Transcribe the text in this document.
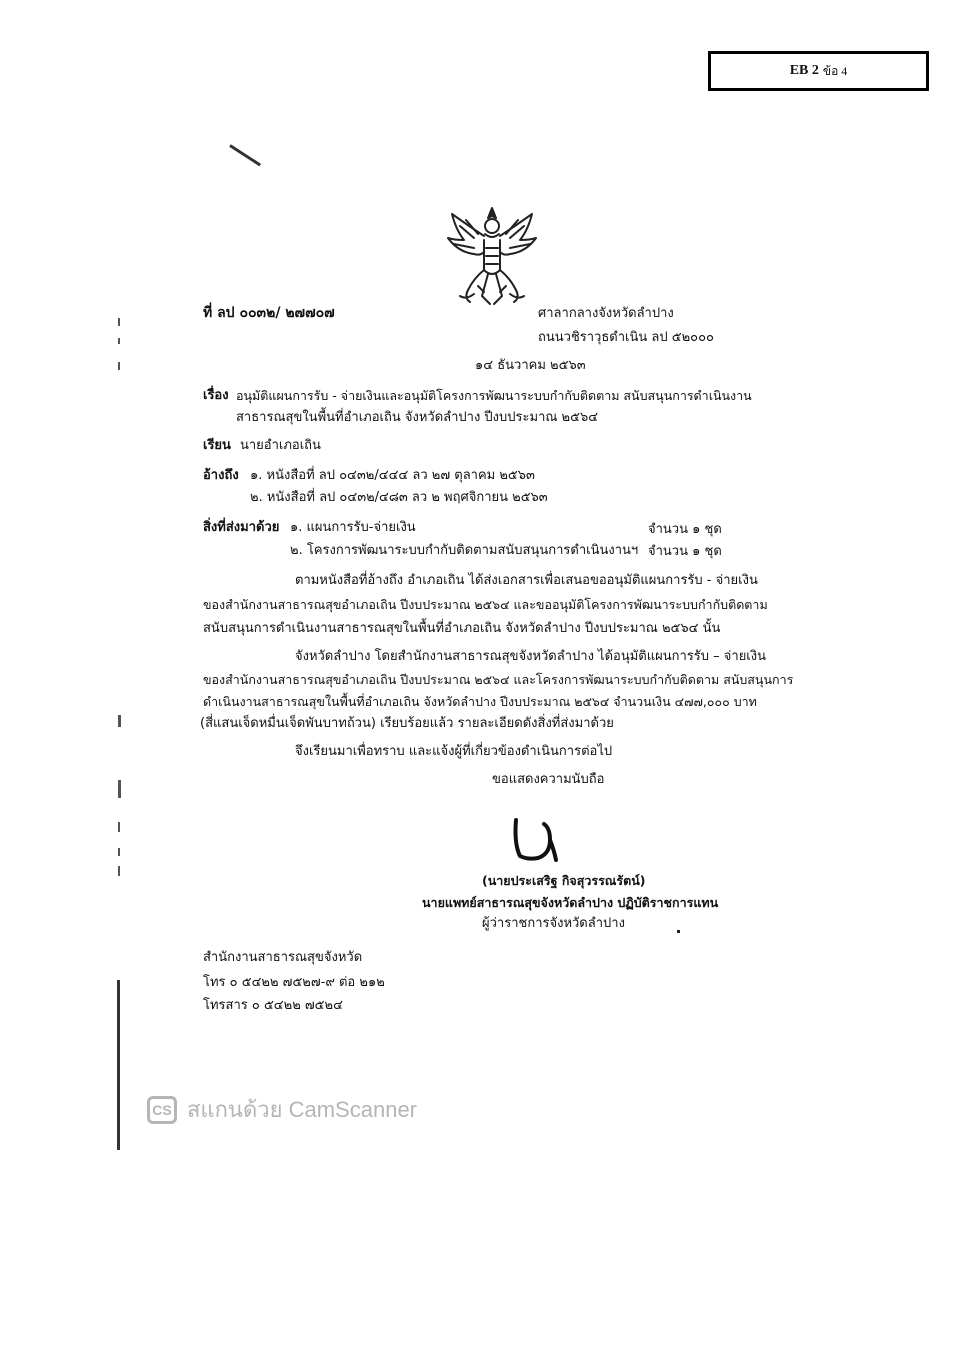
EB 2 ข้อ 4
ที่ ลป ๐๐๓๒/ ๒๗๗๐๗	ศาลากลางจังหวัดลำปาง
ถนนวชิราวุธดำเนิน ลป ๕๒๐๐๐
๑๔ ธันวาคม ๒๕๖๓
เรื่อง อนุมัติแผนการรับ - จ่ายเงินและอนุมัติโครงการพัฒนาระบบกำกับติดตาม สนับสนุนการดำเนินงาน
สาธารณสุขในพื้นที่อำเภอเถิน จังหวัดลำปาง ปีงบประมาณ ๒๕๖๔
เรียน นายอำเภอเถิน
อ้างถึง ๑. หนังสือที่ ลป ๐๔๓๒/๔๔๔ ลว ๒๗ ตุลาคม ๒๕๖๓
๒. หนังสือที่ ลป ๐๔๓๒/๔๘๓ ลว ๒ พฤศจิกายน ๒๕๖๓
สิ่งที่ส่งมาด้วย ๑. แผนการรับ-จ่ายเงิน	จำนวน ๑ ชุด
๒. โครงการพัฒนาระบบกำกับติดตามสนับสนุนการดำเนินงานฯ จำนวน ๑ ชุด
ตามหนังสือที่อ้างถึง อำเภอเถิน ได้ส่งเอกสารเพื่อเสนอขออนุมัติแผนการรับ - จ่ายเงิน
ของสำนักงานสาธารณสุขอำเภอเถิน ปีงบประมาณ ๒๕๖๔ และขออนุมัติโครงการพัฒนาระบบกำกับติดตาม
สนับสนุนการดำเนินงานสาธารณสุขในพื้นที่อำเภอเถิน จังหวัดลำปาง ปีงบประมาณ ๒๕๖๔ นั้น
จังหวัดลำปาง โดยสำนักงานสาธารณสุขจังหวัดลำปาง ได้อนุมัติแผนการรับ – จ่ายเงิน
ของสำนักงานสาธารณสุขอำเภอเถิน ปีงบประมาณ ๒๕๖๔ และโครงการพัฒนาระบบกำกับติดตาม สนับสนุนการ
ดำเนินงานสาธารณสุขในพื้นที่อำเภอเถิน จังหวัดลำปาง ปีงบประมาณ ๒๕๖๔ จำนวนเงิน ๔๗๗,๐๐๐ บาท
(สี่แสนเจ็ดหมื่นเจ็ดพันบาทถ้วน) เรียบร้อยแล้ว รายละเอียดดังสิ่งที่ส่งมาด้วย
จึงเรียนมาเพื่อทราบ และแจ้งผู้ที่เกี่ยวข้องดำเนินการต่อไป
ขอแสดงความนับถือ
(นายประเสริฐ กิจสุวรรณรัตน์)
นายแพทย์สาธารณสุขจังหวัดลำปาง ปฏิบัติราชการแทน
ผู้ว่าราชการจังหวัดลำปาง
สำนักงานสาธารณสุขจังหวัด
โทร ๐ ๕๔๒๒ ๗๕๒๗-๙ ต่อ ๒๑๒
โทรสาร ๐ ๕๔๒๒ ๗๕๒๔
CS สแกนด้วย CamScanner
